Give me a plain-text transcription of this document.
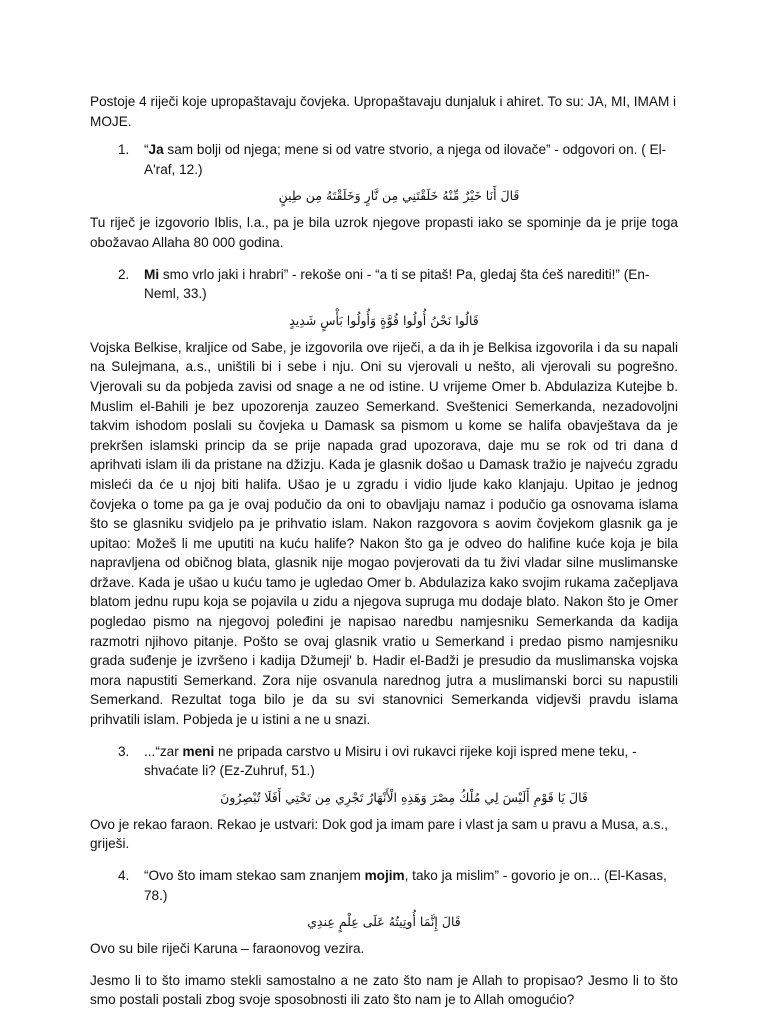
Postoje 4 riječi koje upropaštavaju čovjeka. Upropaštavaju dunjaluk i ahiret. To su: JA, MI, IMAM i MOJE.

1.	“Ja sam bolji od njega; mene si od vatre stvorio, a njega od ilovače” - odgovori on. ( El-A'raf, 12.)

قَالَ أَنَا خَيْرٌ مِّنْهُ خَلَقْتَنِي مِن نَّارٍ وَخَلَقْتَهُ مِن طِينٍ

Tu riječ je izgovorio Iblis, l.a., pa je bila uzrok njegove propasti iako se spominje da je prije toga obožavao Allaha 80 000 godina.

2.	Mi smo vrlo jaki i hrabri” - rekoše oni - “a ti se pitaš! Pa, gledaj šta ćeš narediti!” (En-Neml, 33.)

قَالُوا نَحْنُ أُولُوا قُوَّةٍ وَأُولُوا بَأْسٍ شَدِيدٍ

Vojska Belkise, kraljice od Sabe, je izgovorila ove riječi, a da ih je Belkisa izgovorila i da su napali na Sulejmana, a.s., uništili bi i sebe i nju. Oni su vjerovali u nešto, ali vjerovali su pogrešno. Vjerovali su da pobjeda zavisi od snage a ne od istine. U vrijeme Omer b. Abdulaziza Kutejbe b. Muslim el-Bahili je bez upozorenja zauzeo Semerkand. Sveštenici Semerkanda, nezadovoljni takvim ishodom poslali su čovjeka u Damask sa pismom u kome se halifa obavještava da je prekršen islamski princip da se prije napada grad upozorava, daje mu se rok od tri dana d aprihvati islam ili da pristane na džizju. Kada je glasnik došao u Damask tražio je najveću zgradu misleći da će u njoj biti halifa. Ušao je u zgradu i vidio ljude kako klanjaju. Upitao je jednog čovjeka o tome pa ga je ovaj podučio da oni to obavljaju namaz i podučio ga osnovama islama što se glasniku svidjelo pa je prihvatio islam. Nakon razgovora s aovim čovjekom glasnik ga je upitao: Možeš li me uputiti na kuću halife? Nakon što ga je odveo do halifine kuće koja je bila napravljena od običnog blata, glasnik nije mogao povjerovati da tu živi vladar silne muslimanske države. Kada je ušao u kuću tamo je ugledao Omer b. Abdulaziza kako svojim rukama začepljava blatom jednu rupu koja se pojavila u zidu a njegova supruga mu dodaje blato. Nakon što je Omer pogledao pismo na njegovoj poleđini je napisao naredbu namjesniku Semerkanda da kadija razmotri njihovo pitanje. Pošto se ovaj glasnik vratio u Semerkand i predao pismo namjesniku grada suđenje je izvršeno i kadija Džumeji' b. Hadir el-Badži je presudio da muslimanska vojska mora napustiti Semerkand. Zora nije osvanula narednog jutra a muslimanski borci su napustili Semerkand. Rezultat toga bilo je da su svi stanovnici Semerkanda vidjevši pravdu islama prihvatili islam. Pobjeda je u istini a ne u snazi.

3.	...“zar meni ne pripada carstvo u Misiru i ovi rukavci rijeke koji ispred mene teku, - shvaćate li? (Ez-Zuhruf, 51.)

قَالَ يَا قَوْمِ أَلَيْسَ لِي مُلْكُ مِصْرَ وَهَذِهِ الْأَنْهَارُ تَجْرِي مِن تَحْتِي أَفَلَا تُبْصِرُونَ

Ovo je rekao faraon. Rekao je ustvari: Dok god ja imam pare i vlast ja sam u pravu a Musa, a.s., griješi.

4.	“Ovo što imam stekao sam znanjem mojim, tako ja mislim” - govorio je on... (El-Kasas, 78.)

قَالَ إِنَّمَا أُوتِيتُهُ عَلَى عِلْمٍ عِندِي

Ovo su bile riječi Karuna – faraonovog vezira.

Jesmo li to što imamo stekli samostalno a ne zato što nam je Allah to propisao? Jesmo li to što smo postali postali zbog svoje sposobnosti ili zato što nam je to Allah omogućio?
